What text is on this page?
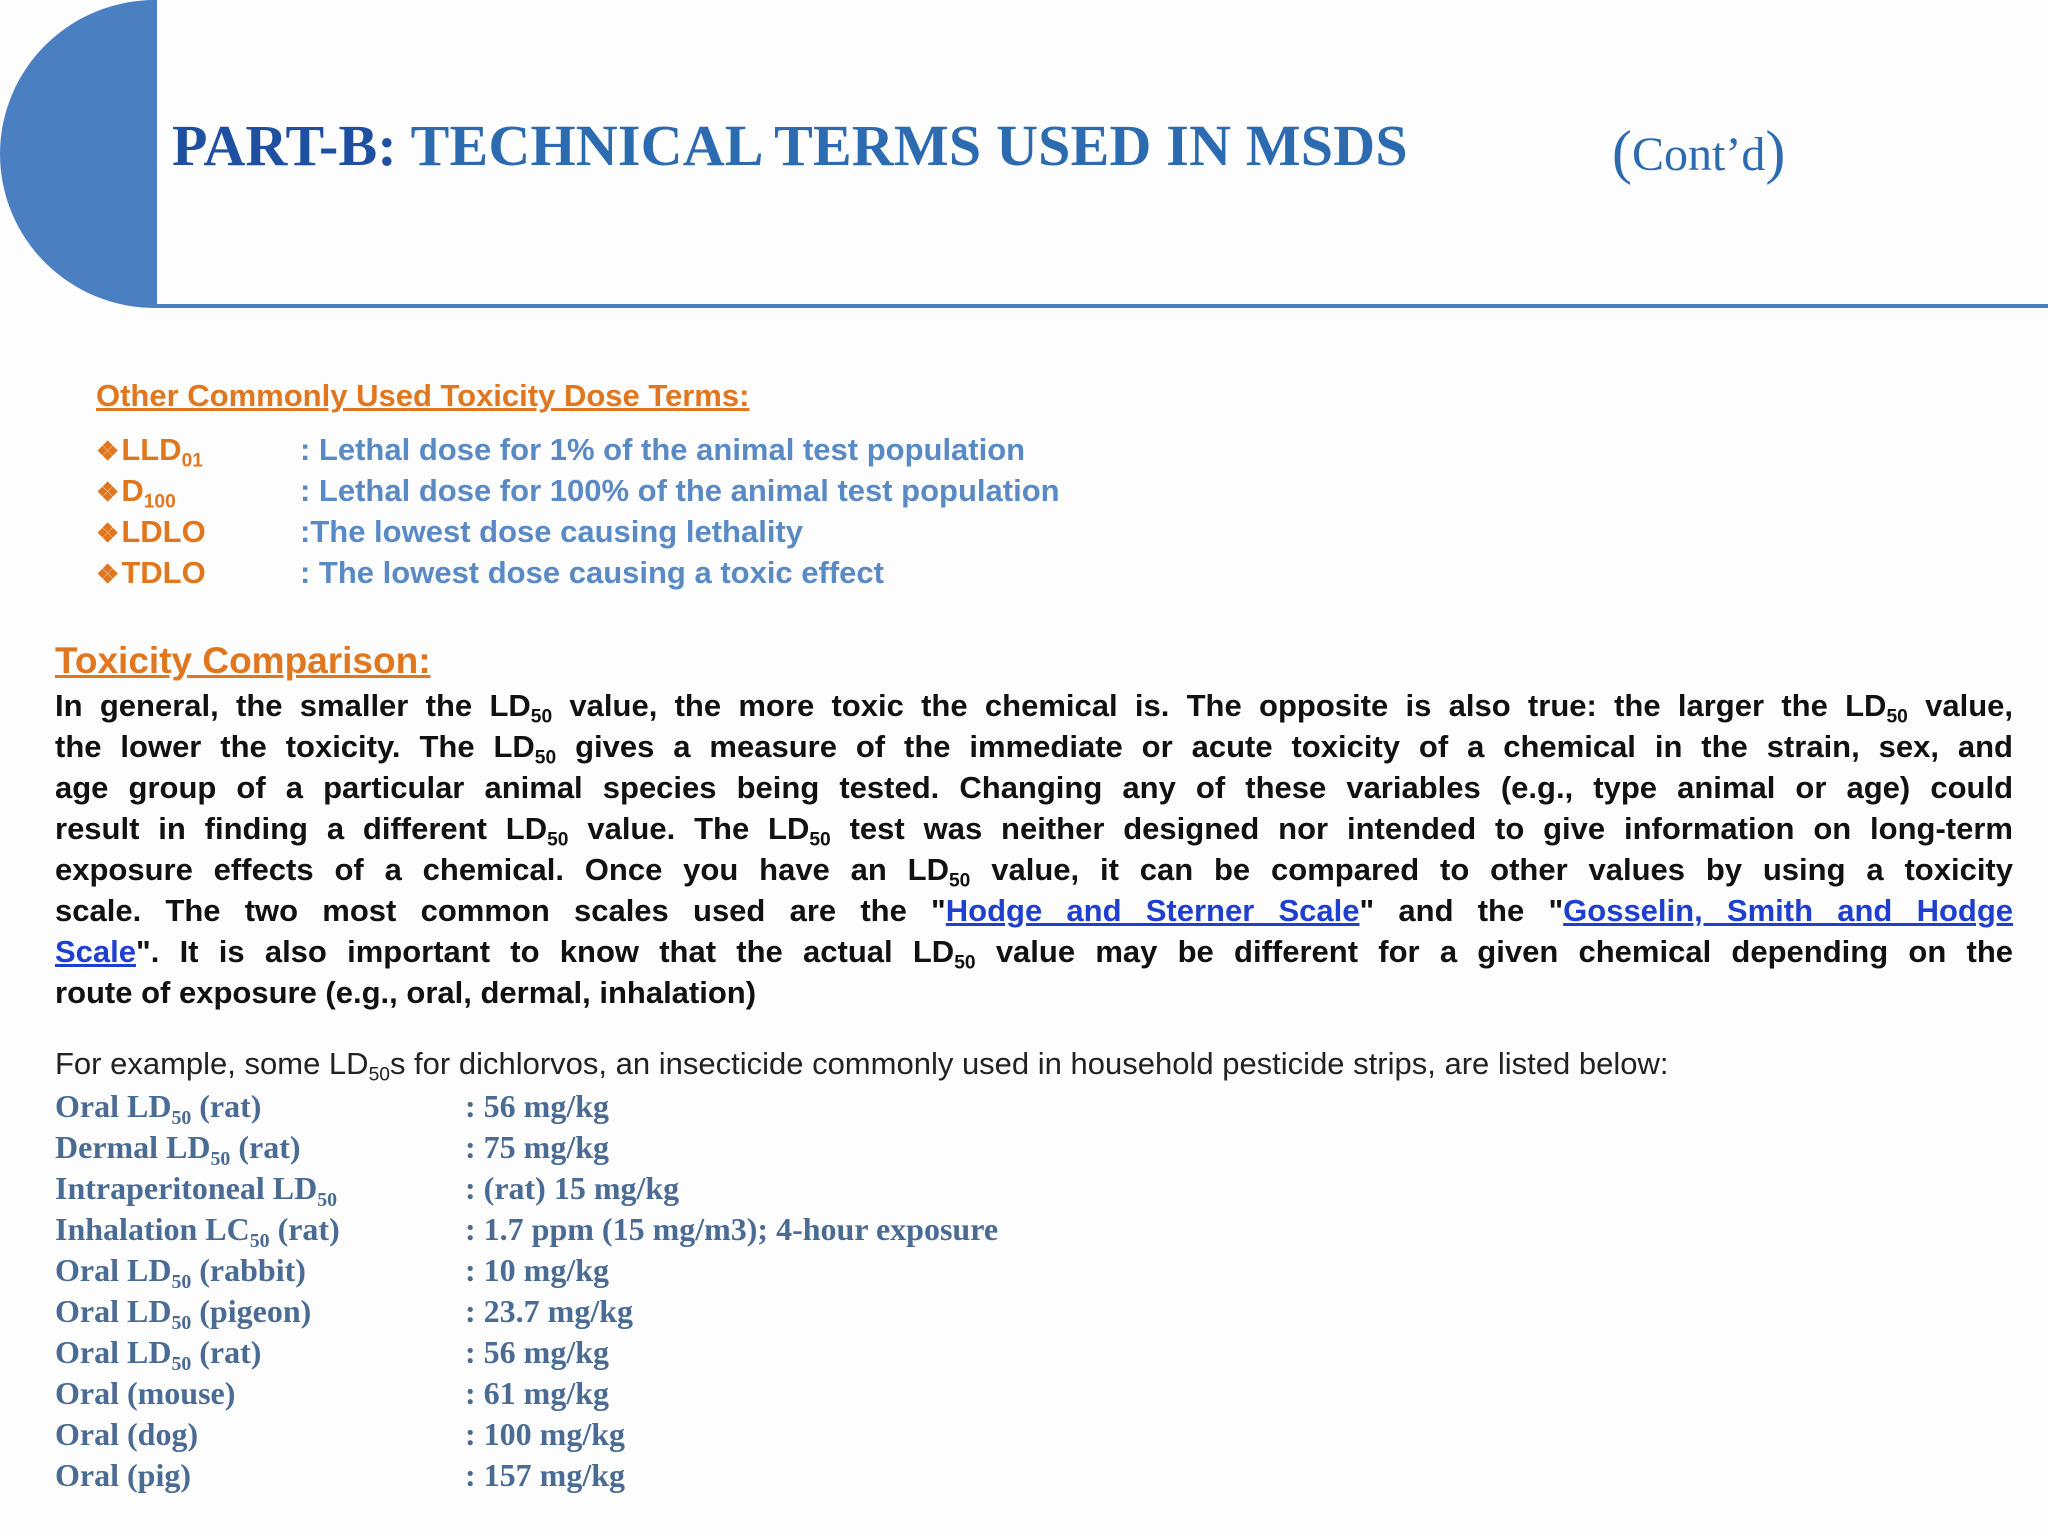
PART-B: TECHNICAL TERMS USED IN MSDS	(Cont’d)
Other Commonly Used Toxicity Dose Terms:
$❖LLD_{01}$	: Lethal dose for 1% of the animal test population
$❖D_{100}$	: Lethal dose for 100% of the animal test population
❖LDLO	:The lowest dose causing lethality
❖TDLO	: The lowest dose causing a toxic effect
Toxicity Comparison:
In general, the smaller the $LD_{50}$ value, the more toxic the chemical is. The opposite is also true: the larger the $LD_{50}$ value,
the lower the toxicity. The $LD_{50}$ gives a measure of the immediate or acute toxicity of a chemical in the strain, sex, and
age group of a particular animal species being tested. Changing any of these variables (e.g., type animal or age) could
result in finding a different $LD_{50}$ value. The $LD_{50}$ test was neither designed nor intended to give information on long-term
exposure effects of a chemical. Once you have an $LD_{50}$ value, it can be compared to other values by using a toxicity
scale. The two most common scales used are the "Hodge and Sterner Scale" and the "Gosselin, Smith and Hodge
Scale". It is also important to know that the actual $LD_{50}$ value may be different for a given chemical depending on the
route of exposure (e.g., oral, dermal, inhalation)
For example, some $LD_{50}s$ for dichlorvos, an insecticide commonly used in household pesticide strips, are listed below:
Oral $LD_{50}$ (rat)	: 56 mg/kg
Dermal $LD_{50}$ (rat)	: 75 mg/kg
Intraperitoneal $LD_{50}$	: (rat) 15 mg/kg
Inhalation $LC_{50}$ (rat)	: 1.7 ppm (15 mg/m3); 4-hour exposure
Oral $LD_{50}$ (rabbit)	: 10 mg/kg
Oral $LD_{50}$ (pigeon)	: 23.7 mg/kg
Oral $LD_{50}$ (rat)	: 56 mg/kg
Oral (mouse)	: 61 mg/kg
Oral (dog)	: 100 mg/kg
Oral (pig)	: 157 mg/kg
